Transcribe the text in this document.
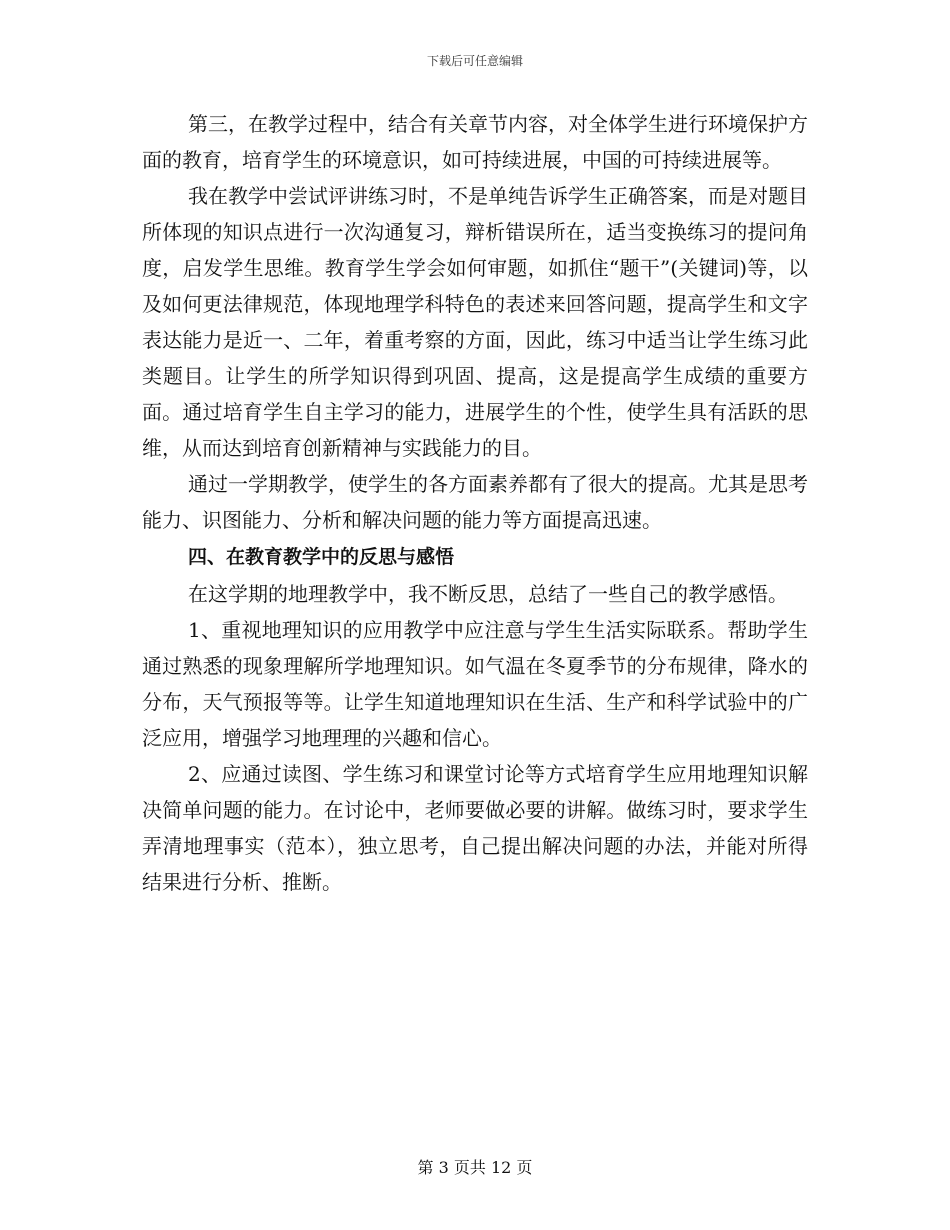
下载后可任意编辑

第三，在教学过程中，结合有关章节内容，对全体学生进行环境保护方面的教育，培育学生的环境意识，如可持续进展，中国的可持续进展等。

我在教学中尝试评讲练习时，不是单纯告诉学生正确答案，而是对题目所体现的知识点进行一次沟通复习，辩析错误所在，适当变换练习的提问角度，启发学生思维。教育学生学会如何审题，如抓住“题干”(关键词)等，以及如何更法律规范，体现地理学科特色的表述来回答问题，提高学生和文字表达能力是近一、二年，着重考察的方面，因此，练习中适当让学生练习此类题目。让学生的所学知识得到巩固、提高，这是提高学生成绩的重要方面。通过培育学生自主学习的能力，进展学生的个性，使学生具有活跃的思维，从而达到培育创新精神与实践能力的目。

通过一学期教学，使学生的各方面素养都有了很大的提高。尤其是思考能力、识图能力、分析和解决问题的能力等方面提高迅速。

四、在教育教学中的反思与感悟

在这学期的地理教学中，我不断反思，总结了一些自己的教学感悟。

1、重视地理知识的应用教学中应注意与学生生活实际联系。帮助学生通过熟悉的现象理解所学地理知识。如气温在冬夏季节的分布规律，降水的分布，天气预报等等。让学生知道地理知识在生活、生产和科学试验中的广泛应用，增强学习地理理的兴趣和信心。

2、应通过读图、学生练习和课堂讨论等方式培育学生应用地理知识解决简单问题的能力。在讨论中，老师要做必要的讲解。做练习时，要求学生弄清地理事实（范本），独立思考，自己提出解决问题的办法，并能对所得结果进行分析、推断。

第 3 页共 12 页
